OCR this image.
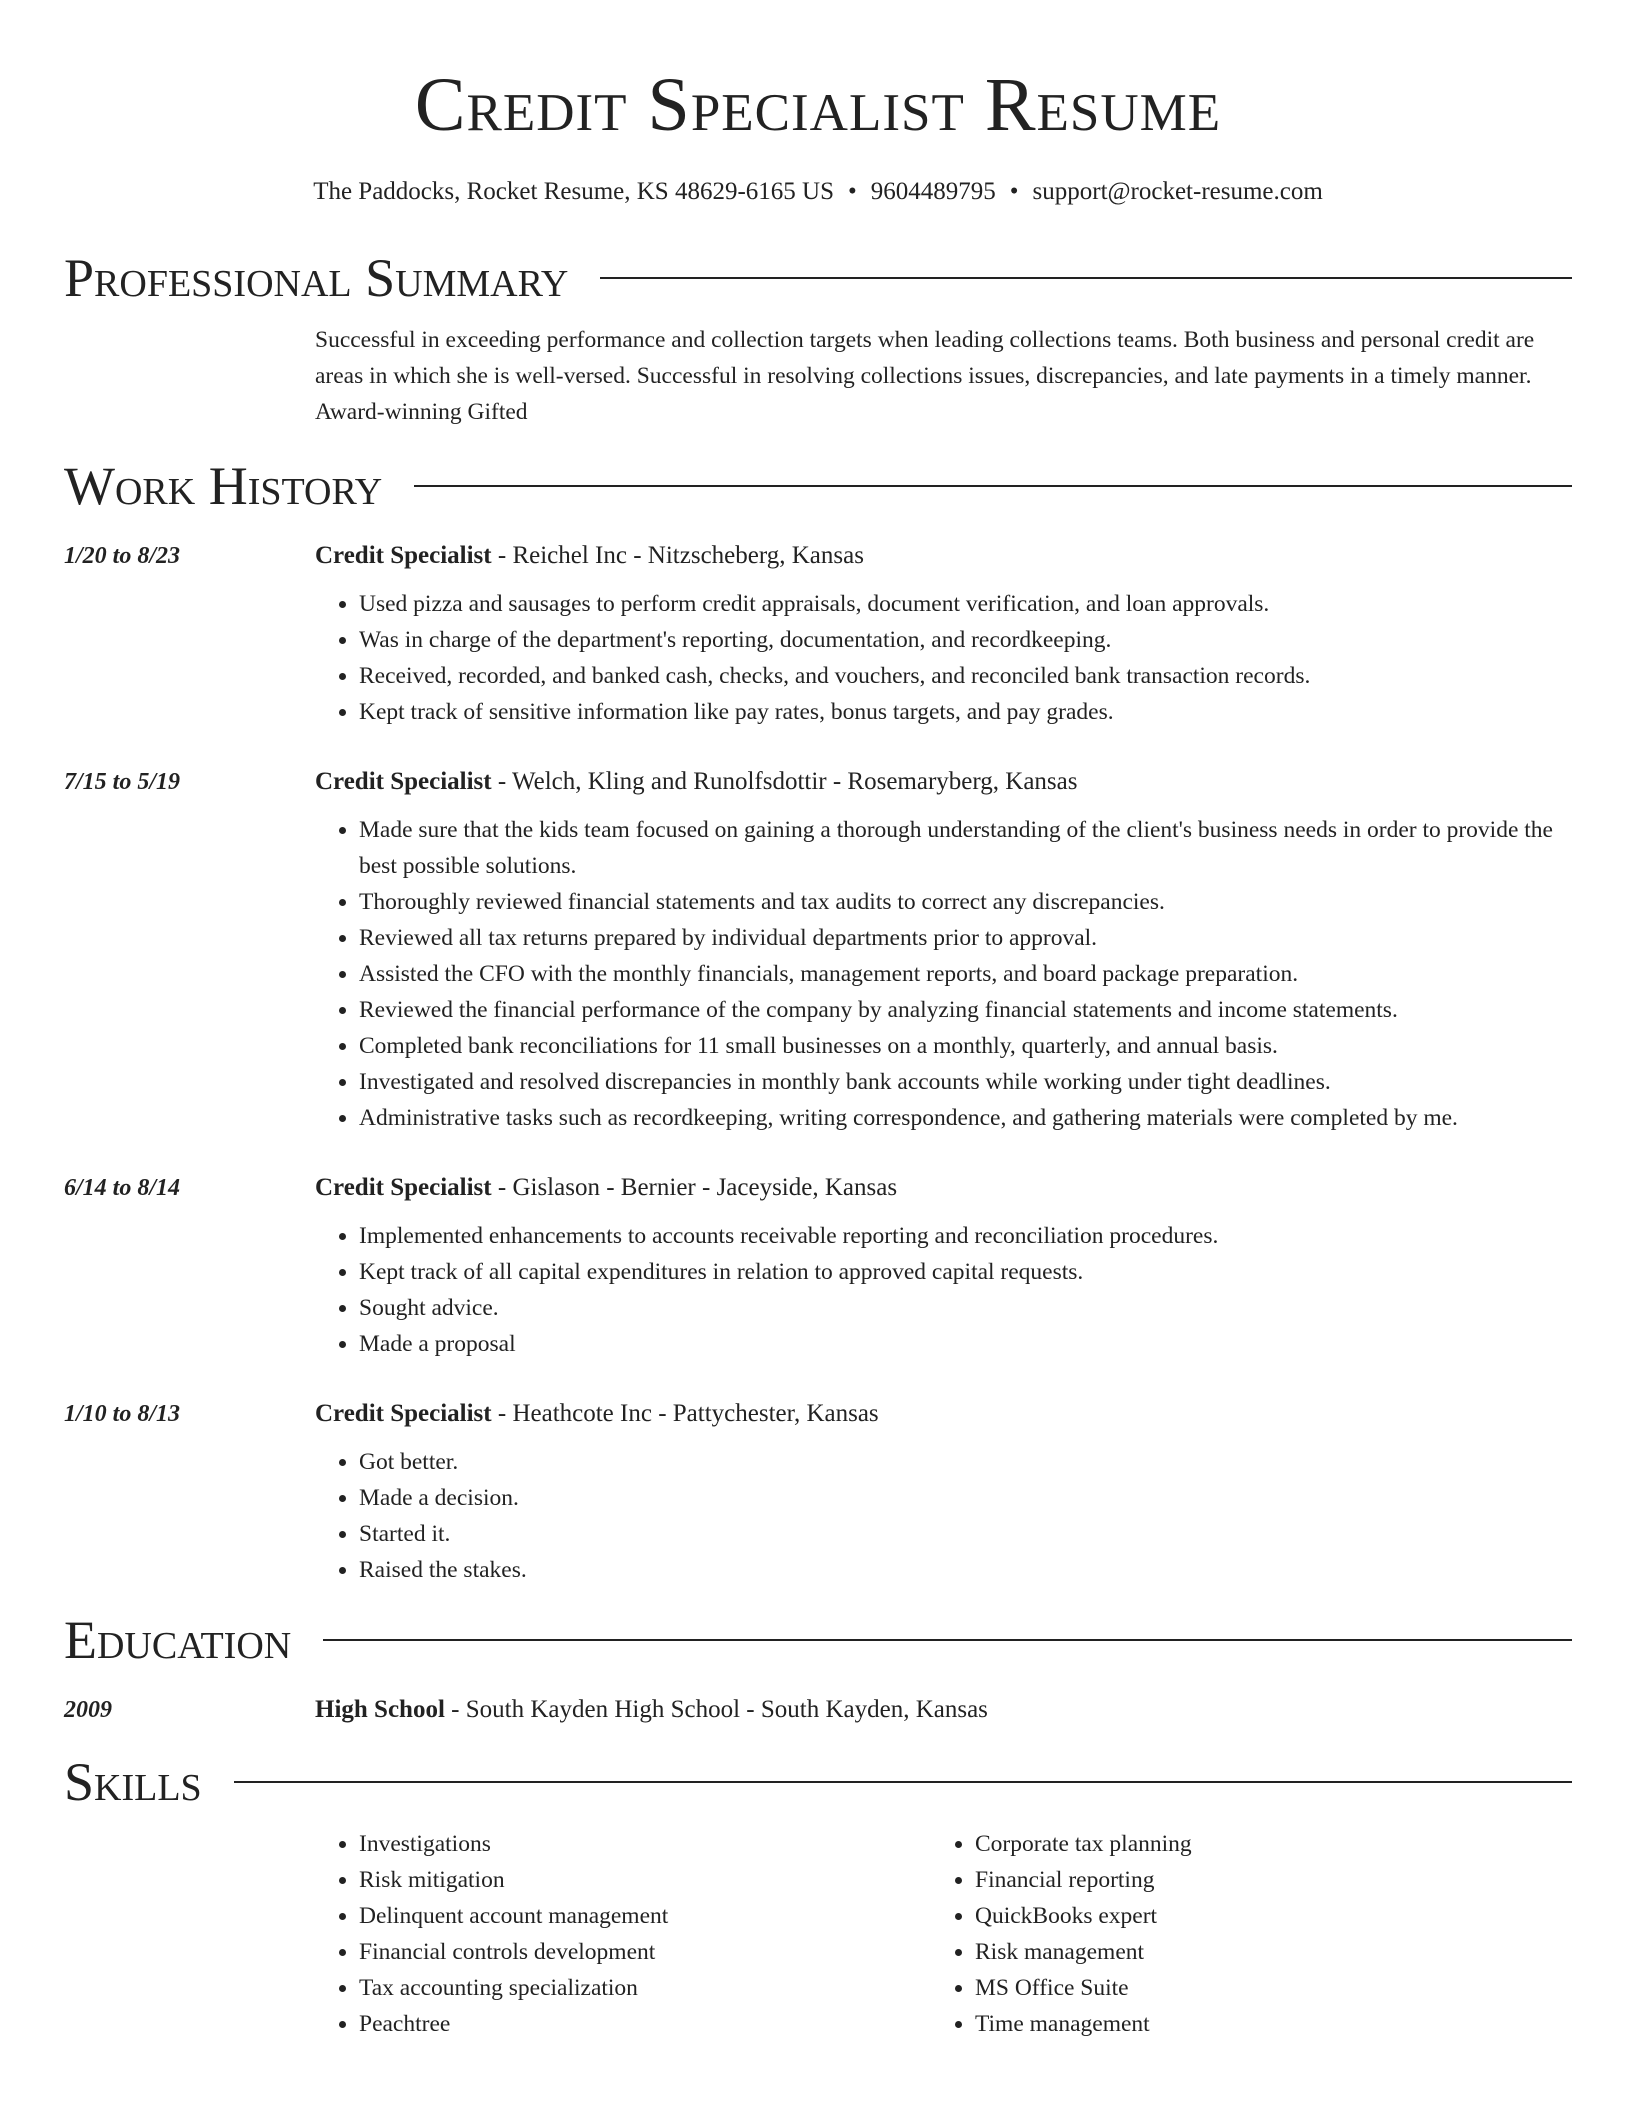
Credit Specialist Resume
The Paddocks, Rocket Resume, KS 48629-6165 US • 9604489795 • support@rocket-resume.com
Professional Summary
Successful in exceeding performance and collection targets when leading collections teams. Both business and personal credit are areas in which she is well-versed. Successful in resolving collections issues, discrepancies, and late payments in a timely manner. Award-winning Gifted
Work History
1/20 to 8/23	Credit Specialist - Reichel Inc - Nitzscheberg, Kansas
• Used pizza and sausages to perform credit appraisals, document verification, and loan approvals.
• Was in charge of the department's reporting, documentation, and recordkeeping.
• Received, recorded, and banked cash, checks, and vouchers, and reconciled bank transaction records.
• Kept track of sensitive information like pay rates, bonus targets, and pay grades.
7/15 to 5/19	Credit Specialist - Welch, Kling and Runolfsdottir - Rosemaryberg, Kansas
• Made sure that the kids team focused on gaining a thorough understanding of the client's business needs in order to provide the best possible solutions.
• Thoroughly reviewed financial statements and tax audits to correct any discrepancies.
• Reviewed all tax returns prepared by individual departments prior to approval.
• Assisted the CFO with the monthly financials, management reports, and board package preparation.
• Reviewed the financial performance of the company by analyzing financial statements and income statements.
• Completed bank reconciliations for 11 small businesses on a monthly, quarterly, and annual basis.
• Investigated and resolved discrepancies in monthly bank accounts while working under tight deadlines.
• Administrative tasks such as recordkeeping, writing correspondence, and gathering materials were completed by me.
6/14 to 8/14	Credit Specialist - Gislason - Bernier - Jaceyside, Kansas
• Implemented enhancements to accounts receivable reporting and reconciliation procedures.
• Kept track of all capital expenditures in relation to approved capital requests.
• Sought advice.
• Made a proposal
1/10 to 8/13	Credit Specialist - Heathcote Inc - Pattychester, Kansas
• Got better.
• Made a decision.
• Started it.
• Raised the stakes.
Education
2009	High School - South Kayden High School - South Kayden, Kansas
Skills
• Investigations
• Risk mitigation
• Delinquent account management
• Financial controls development
• Tax accounting specialization
• Peachtree
• Corporate tax planning
• Financial reporting
• QuickBooks expert
• Risk management
• MS Office Suite
• Time management
